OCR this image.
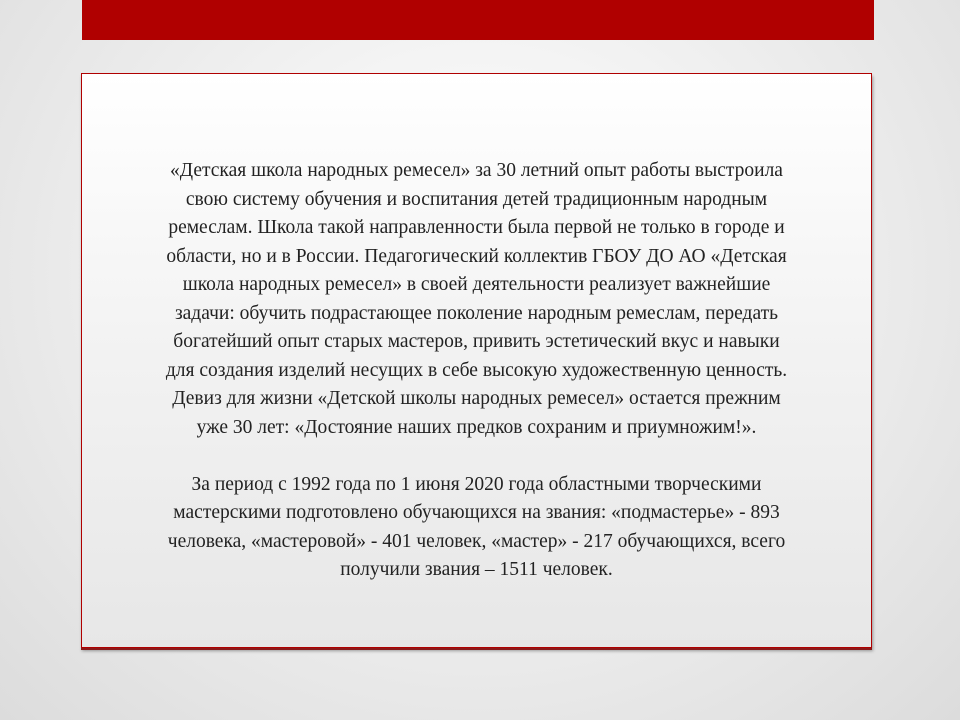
«Детская школа народных ремесел» за 30 летний опыт работы выстроила
свою систему обучения и воспитания детей традиционным народным
ремеслам. Школа такой направленности была первой не только в городе и
области, но и в России. Педагогический коллектив ГБОУ ДО АО «Детская
школа народных ремесел» в своей деятельности реализует важнейшие
задачи: обучить подрастающее поколение народным ремеслам, передать
богатейший опыт старых мастеров, привить эстетический вкус и навыки
для создания изделий несущих в себе высокую художественную ценность.
Девиз для жизни «Детской школы народных ремесел» остается прежним
уже 30 лет: «Достояние наших предков сохраним и приумножим!».

За период с 1992 года по 1 июня 2020 года областными творческими
мастерскими подготовлено обучающихся на звания: «подмастерье» - 893
человека, «мастеровой» - 401 человек, «мастер» - 217 обучающихся, всего
получили звания – 1511 человек.
